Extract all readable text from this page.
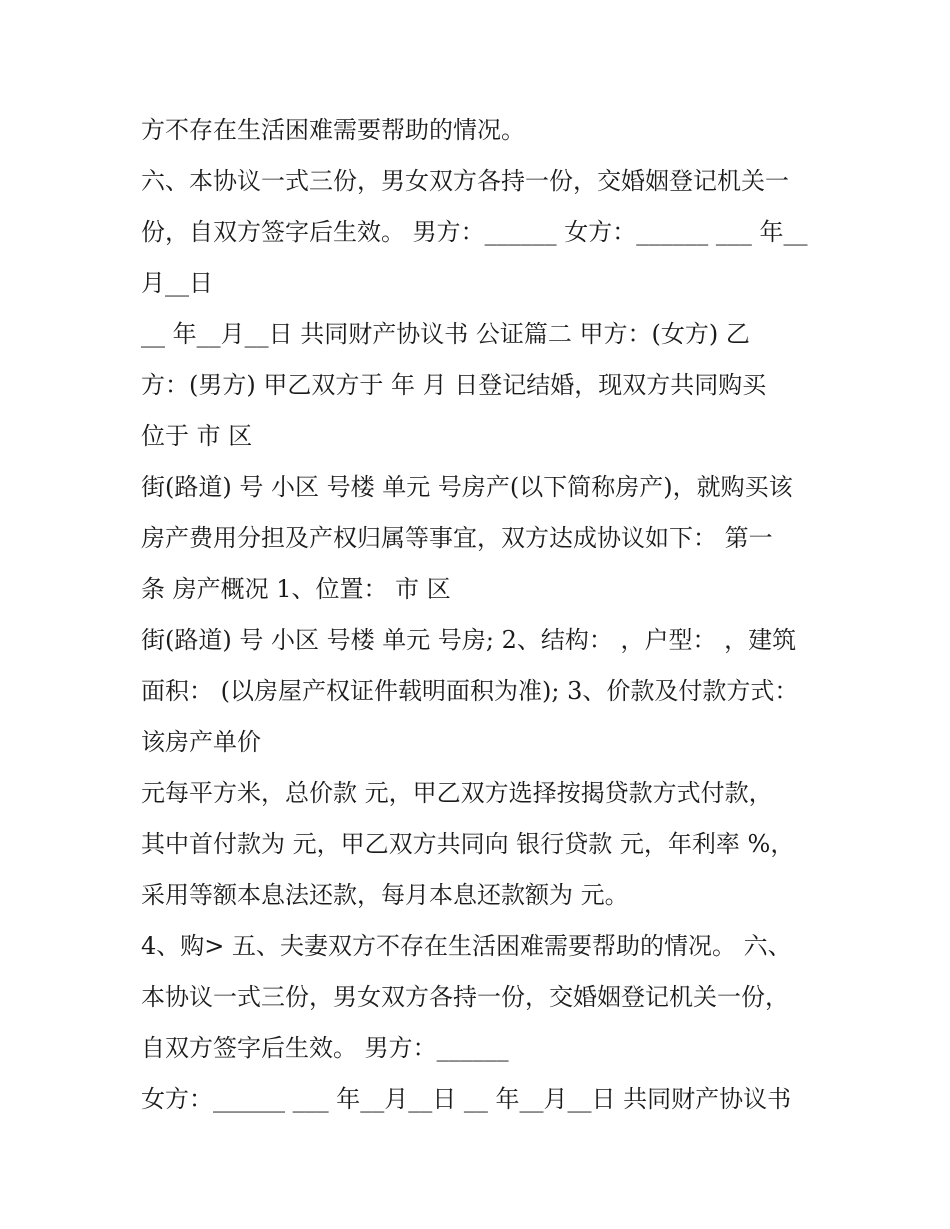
方不存在生活困难需要帮助的情况。
六、本协议一式三份，男女双方各持一份，交婚姻登记机关一
份，自双方签字后生效。 男方：______ 女方：______ ___ 年__
月__日
__ 年__月__日 共同财产协议书 公证篇二 甲方：(女方) 乙
方：(男方) 甲乙双方于 年 月 日登记结婚，现双方共同购买
位于 市 区
街(路道) 号 小区 号楼 单元 号房产(以下简称房产)，就购买该
房产费用分担及产权归属等事宜，双方达成协议如下： 第一
条 房产概况 1、位置： 市 区
街(路道) 号 小区 号楼 单元 号房; 2、结构： ，户型： ，建筑
面积： (以房屋产权证件载明面积为准); 3、价款及付款方式：
该房产单价
元每平方米，总价款 元，甲乙双方选择按揭贷款方式付款，
其中首付款为 元，甲乙双方共同向 银行贷款 元，年利率 %，
采用等额本息法还款，每月本息还款额为 元。
4、购> 五、夫妻双方不存在生活困难需要帮助的情况。 六、
本协议一式三份，男女双方各持一份，交婚姻登记机关一份，
自双方签字后生效。 男方：______
女方：______ ___ 年__月__日 __ 年__月__日 共同财产协议书
